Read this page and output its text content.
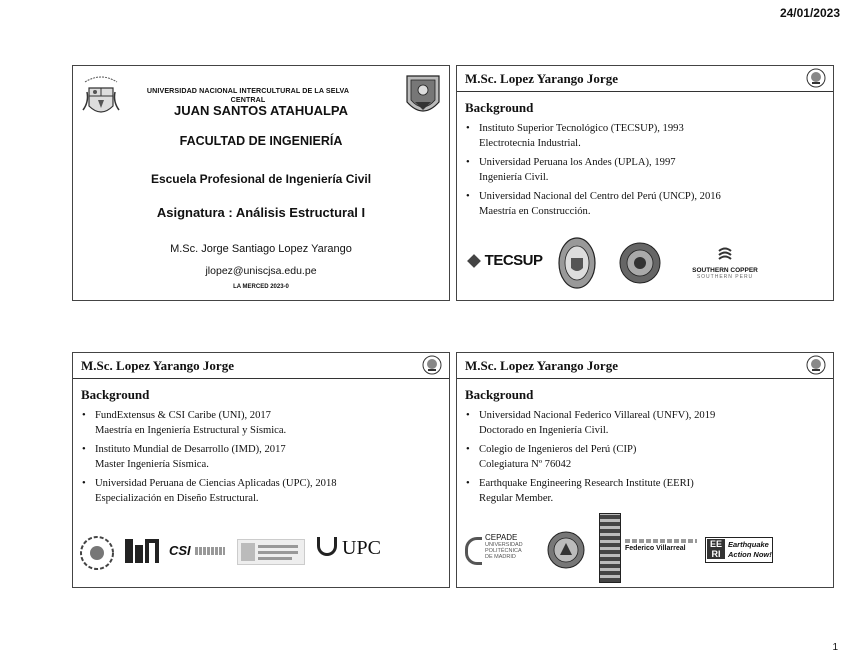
24/01/2023
UNIVERSIDAD NACIONAL INTERCULTURAL DE LA SELVA CENTRAL
JUAN SANTOS ATAHUALPA
FACULTAD DE INGENIERÍA
Escuela Profesional de Ingeniería Civil
Asignatura : Análisis Estructural I
M.Sc. Jorge Santiago Lopez Yarango
jlopez@uniscjsa.edu.pe
LA MERCED 2023-0
M.Sc. Lopez Yarango Jorge
Background
• Instituto Superior Tecnológico (TECSUP), 1993
Electrotecnia Industrial.
• Universidad Peruana los Andes (UPLA), 1997
Ingeniería Civil.
• Universidad Nacional del Centro del Perú (UNCP), 2016
Maestría en Construcción.
TECSUP
SOUTHERN COPPER
SOUTHERN PERU
M.Sc. Lopez Yarango Jorge
Background
• FundExtensus & CSI Caribe (UNI), 2017
Maestría en Ingeniería Estructural y Sísmica.
• Instituto Mundial de Desarrollo (IMD), 2017
Master Ingeniería Sísmica.
• Universidad Peruana de Ciencias Aplicadas (UPC), 2018
Especialización en Diseño Estructural.
CSI	UPC
M.Sc. Lopez Yarango Jorge
Background
• Universidad Nacional Federico Villareal (UNFV), 2019
Doctorado en Ingeniería Civil.
• Colegio de Ingenieros del Perú (CIP)
Colegiatura Nº 76042
• Earthquake Engineering Research Institute (EERI)
Regular Member.
CEPADE
UNIVERSIDAD
POLITÉCNICA
DE MADRID
Federico Villarreal	EE
RI
Earthquake
Action Now!
1
